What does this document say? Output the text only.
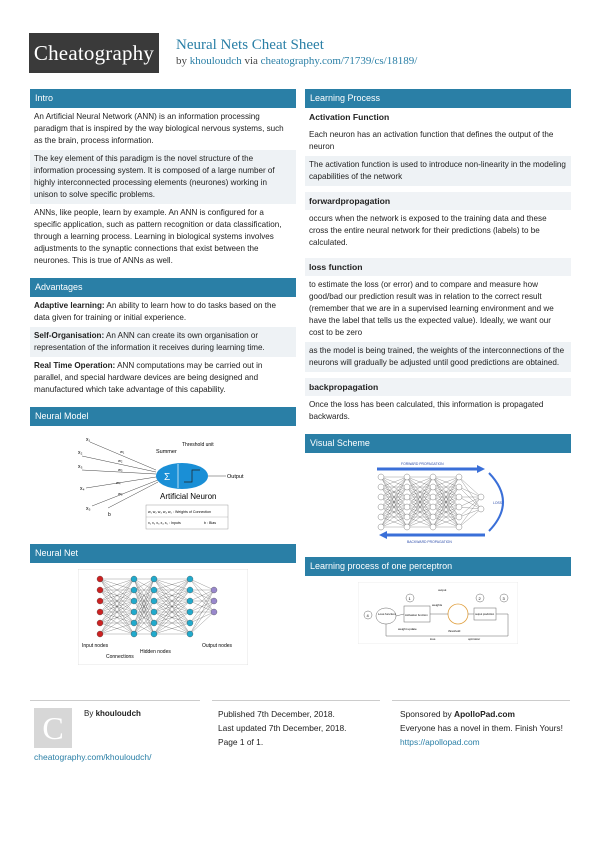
Cheatography	Neural Nets Cheat Sheet
by khouloudch via cheatography.com/71739/cs/18189/
Intro
An Artificial Neural Network (ANN) is an information processing paradigm that is inspired by the way biological nervous systems, such as the brain, process information.
The key element of this paradigm is the novel structure of the information processing system. It is composed of a large number of highly interconnected processing elements (neurones) working in unison to solve specific problems.
ANNs, like people, learn by example. An ANN is configured for a specific application, such as pattern recognition or data classification, through a learning process. Learning in biological systems involves adjustments to the synaptic connections that exist between the neurones. This is true of ANNs as well.
Advantages
Adaptive learning: An ability to learn how to do tasks based on the data given for training or initial experience.
Self-Organisation: An ANN can create its own organisation or representation of the information it receives during learning time.
Real Time Operation: ANN computations may be carried out in parallel, and special hardware devices are being designed and manufactured which take advantage of this capability.
Neural Model
x₁
x₂
x₃
x₄
x₅
w₁
w₂
w₃
w₄
w₅
b
Σ
Summer
Threshold unit
Output
Artificial Neuron
w₁ w₂ w₃ w₄ w₅ : Weights of Connection
x₁ x₂ x₃ x₄ x₅ : Inputs	b : Bias
Neural Net
Input nodes
Connections
Hidden nodes
Output nodes
Learning Process
Activation Function
Each neuron has an activation function that defines the output of the neuron
The activation function is used to introduce non-linearity in the modeling capabilities of the network
forwardpropagation
occurs when the network is exposed to the training data and these cross the entire neural network for their predictions (labels) to be calculated.
loss function
to estimate the loss (or error) and to compare and measure how good/bad our prediction result was in relation to the correct result (remember that we are in a supervised learning environment and we have the label that tells us the expected value). Ideally, we want our cost to be zero
as the model is being trained, the weights of the interconnections of the neurons will gradually be adjusted until good predictions are obtained.
backpropagation
Once the loss has been calculated, this information is propagated backwards.
Visual Scheme
FORWARD PROPAGATION
BACKWARD PROPAGATION
LOSS
Learning process of one perceptron
4	Loss function
1
Activation function
output
threshold
weights
2
output prediction
3
loss	optimizer
weight update
C	By khouloudch
cheatography.com/khouloudch/
Published 7th December, 2018.
Last updated 7th December, 2018.
Page 1 of 1.
Sponsored by ApolloPad.com
Everyone has a novel in them. Finish Yours!
https://apollopad.com
